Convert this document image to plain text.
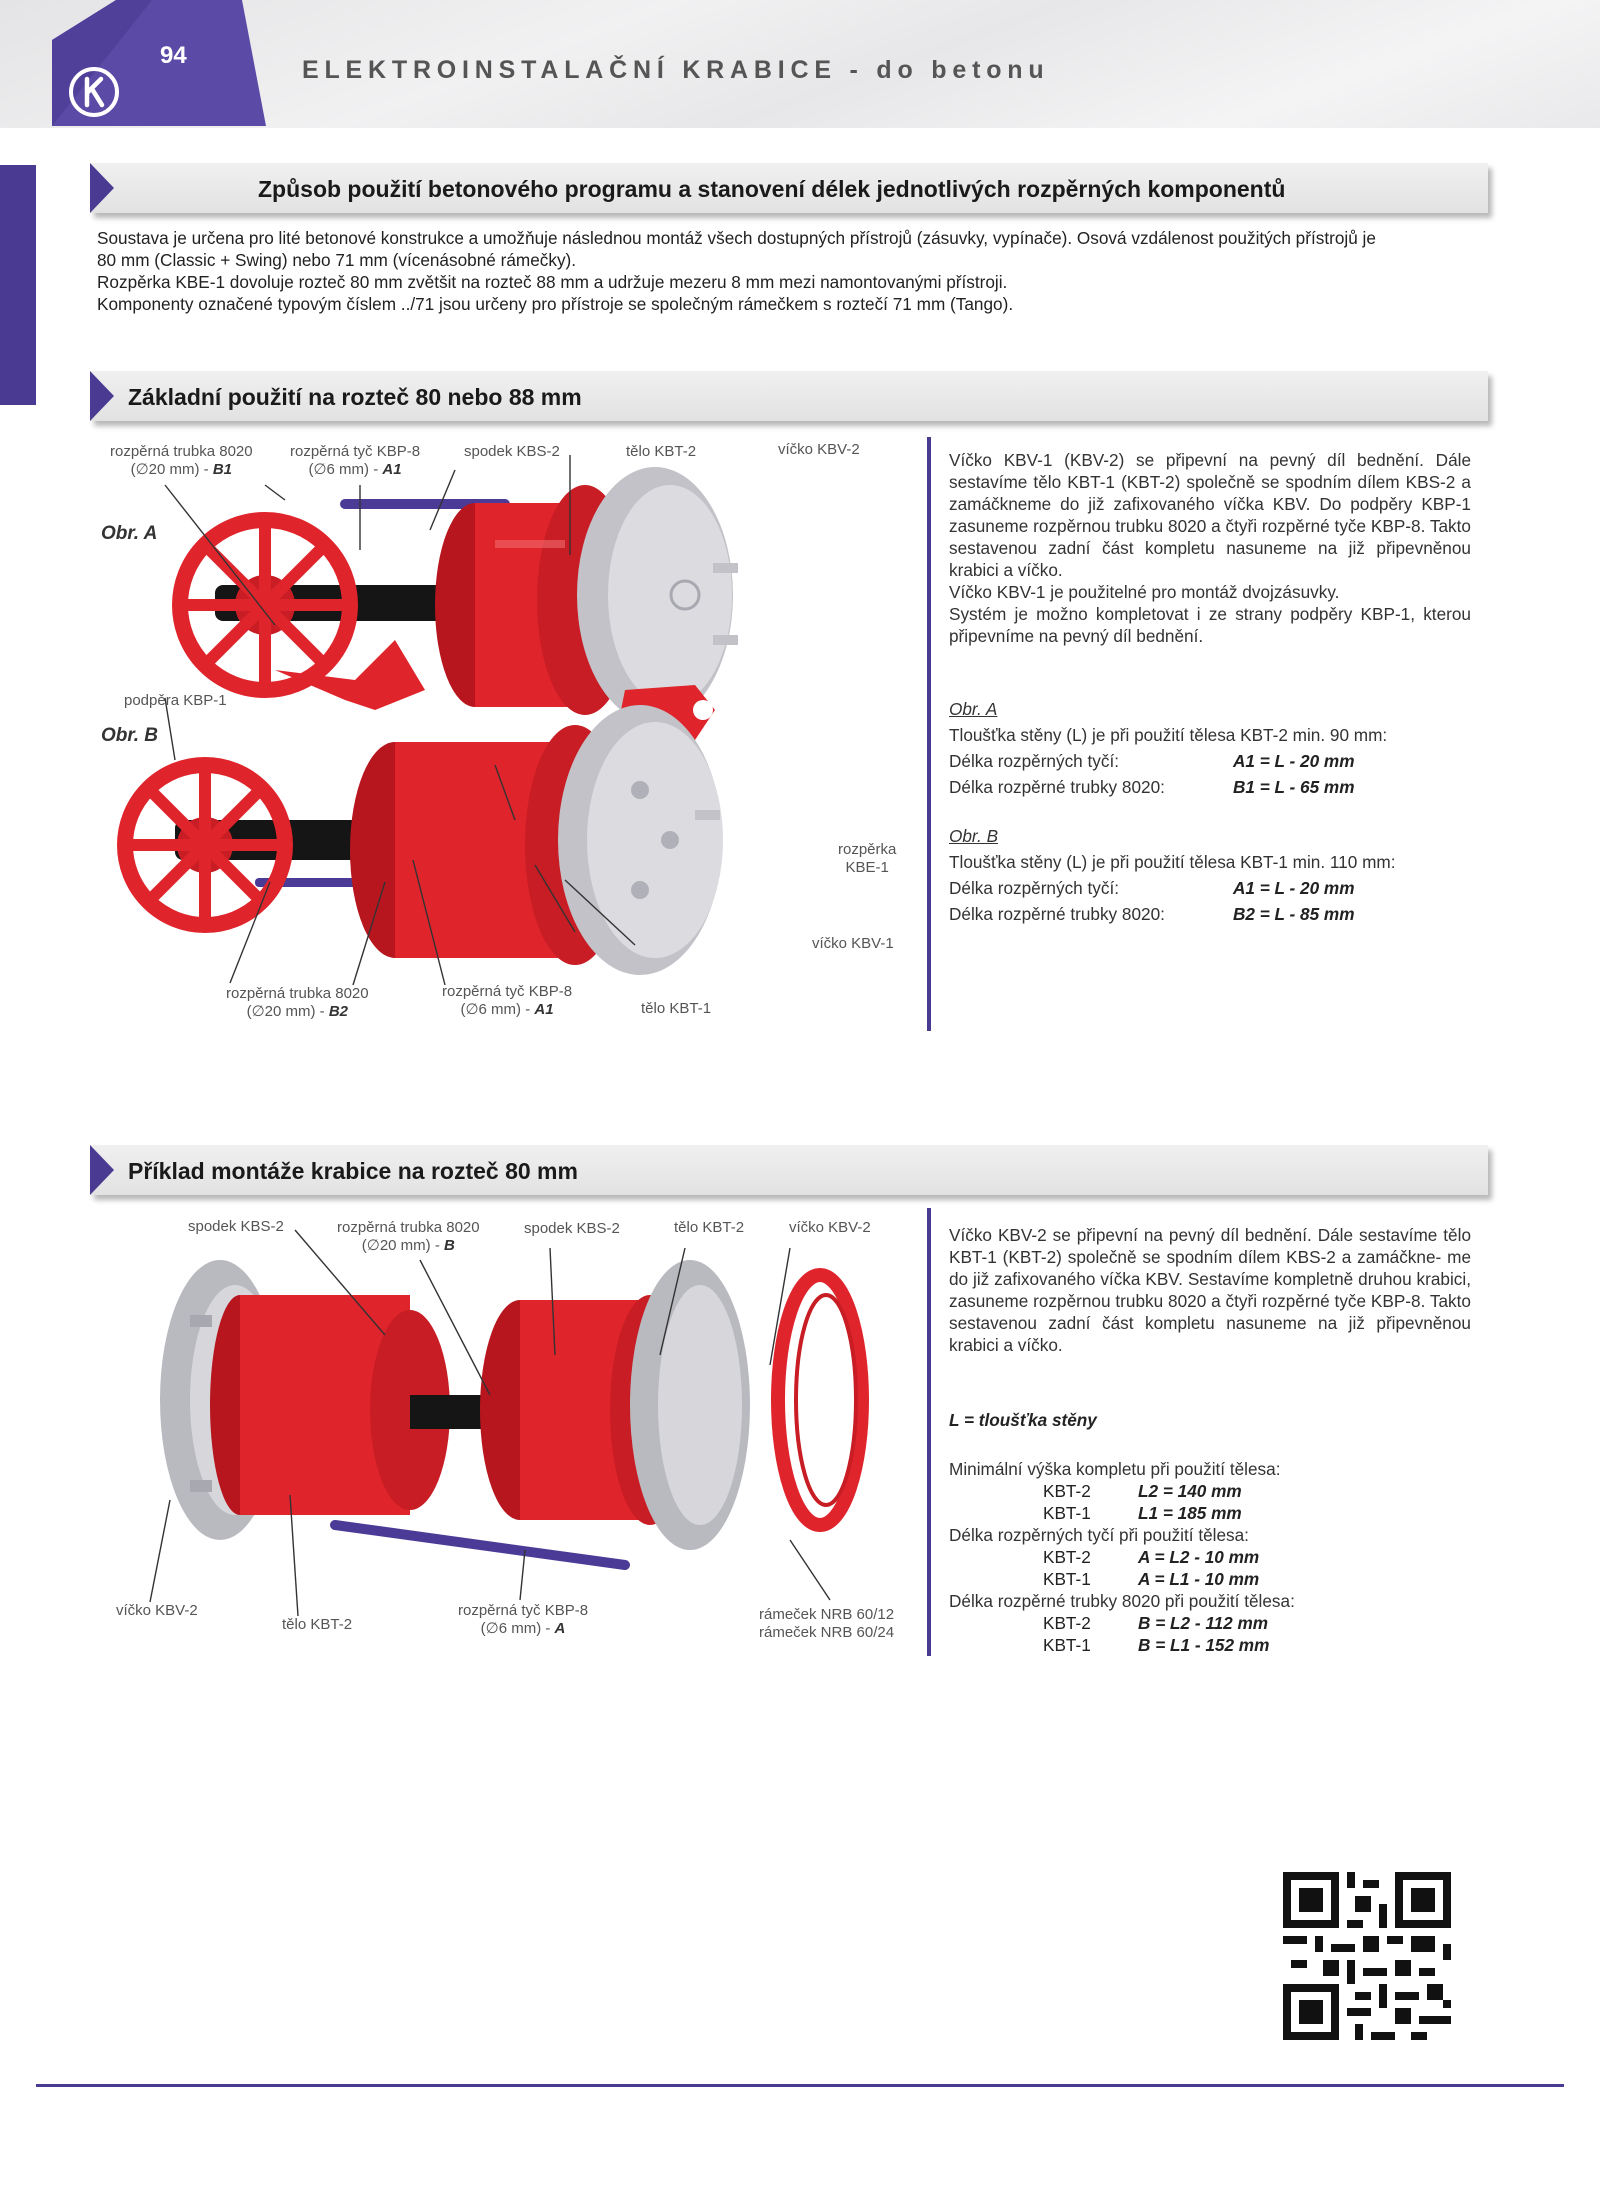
94
ELEKTROINSTALAČNÍ KRABICE - do betonu
1
Způsob použití betonového programu a stanovení délek jednotlivých rozpěrných komponentů
Soustava je určena pro lité betonové konstrukce a umožňuje následnou montáž všech dostupných přístrojů (zásuvky, vypínače). Osová vzdálenost použitých přístrojů je
80 mm (Classic + Swing) nebo 71 mm (vícenásobné rámečky).
Rozpěrka KBE-1 dovoluje rozteč 80 mm zvětšit na rozteč 88 mm a udržuje mezeru 8 mm mezi namontovanými přístroji.
Komponenty označené typovým číslem ../71 jsou určeny pro přístroje se společným rámečkem s roztečí 71 mm (Tango).
Základní použití na rozteč 80 nebo 88 mm
rozpěrná trubka 8020
(∅20 mm) - B1
rozpěrná tyč KBP-8
(∅6 mm) - A1
spodek KBS-2	tělo KBT-2	víčko KBV-2
Obr. A
podpěra KBP-1
Obr. B
rozpěrka
KBE-1
víčko KBV-1
rozpěrná trubka 8020
(∅20 mm) - B2
rozpěrná tyč KBP-8
(∅6 mm) - A1	tělo KBT-1
Víčko KBV-1 (KBV-2) se připevní na pevný díl bednění. Dále sestavíme tělo KBT-1 (KBT-2) společně se spodním dílem KBS-2 a zamáčkneme do již zafixovaného víčka KBV. Do podpěry KBP-1 zasuneme rozpěrnou trubku 8020 a čtyři rozpěrné tyče KBP-8. Takto sestavenou zadní část kompletu nasuneme na již připevněnou krabici a víčko.
Víčko KBV-1 je použitelné pro montáž dvojzásuvky.
Systém je možno kompletovat i ze strany podpěry KBP-1, kterou připevníme na pevný díl bednění.
Obr. A
Tloušťka stěny (L) je při použití tělesa KBT-2 min. 90 mm:
Délka rozpěrných tyčí:	A1 = L - 20 mm
Délka rozpěrné trubky 8020:	B1 = L - 65 mm
Obr. B
Tloušťka stěny (L) je při použití tělesa KBT-1 min. 110 mm:
Délka rozpěrných tyčí:	A1 = L - 20 mm
Délka rozpěrné trubky 8020:	B2 = L - 85 mm
Příklad montáže krabice na rozteč 80 mm
spodek KBS-2	rozpěrná trubka 8020
(∅20 mm) - B
spodek KBS-2	tělo KBT-2	víčko KBV-2
víčko KBV-2
tělo KBT-2
rozpěrná tyč KBP-8
(∅6 mm) - A
rámeček NRB 60/12
rámeček NRB 60/24
Víčko KBV-2 se připevní na pevný díl bednění. Dále sestavíme tělo KBT-1 (KBT-2) společně se spodním dílem KBS-2 a zamáčkne- me do již zafixovaného víčka KBV. Sestavíme kompletně druhou krabici, zasuneme rozpěrnou trubku 8020 a čtyři rozpěrné tyče KBP-8. Takto sestavenou zadní část kompletu nasuneme na již připevněnou krabici a víčko.
L = tloušťka stěny
Minimální výška kompletu při použití tělesa:
KBT-2	L2 = 140 mm
KBT-1	L1 = 185 mm
Délka rozpěrných tyčí při použití tělesa:
KBT-2	A = L2 - 10 mm
KBT-1	A = L1 - 10 mm
Délka rozpěrné trubky 8020 při použití tělesa:
KBT-2	B = L2 - 112 mm
KBT-1	B = L1 - 152 mm
